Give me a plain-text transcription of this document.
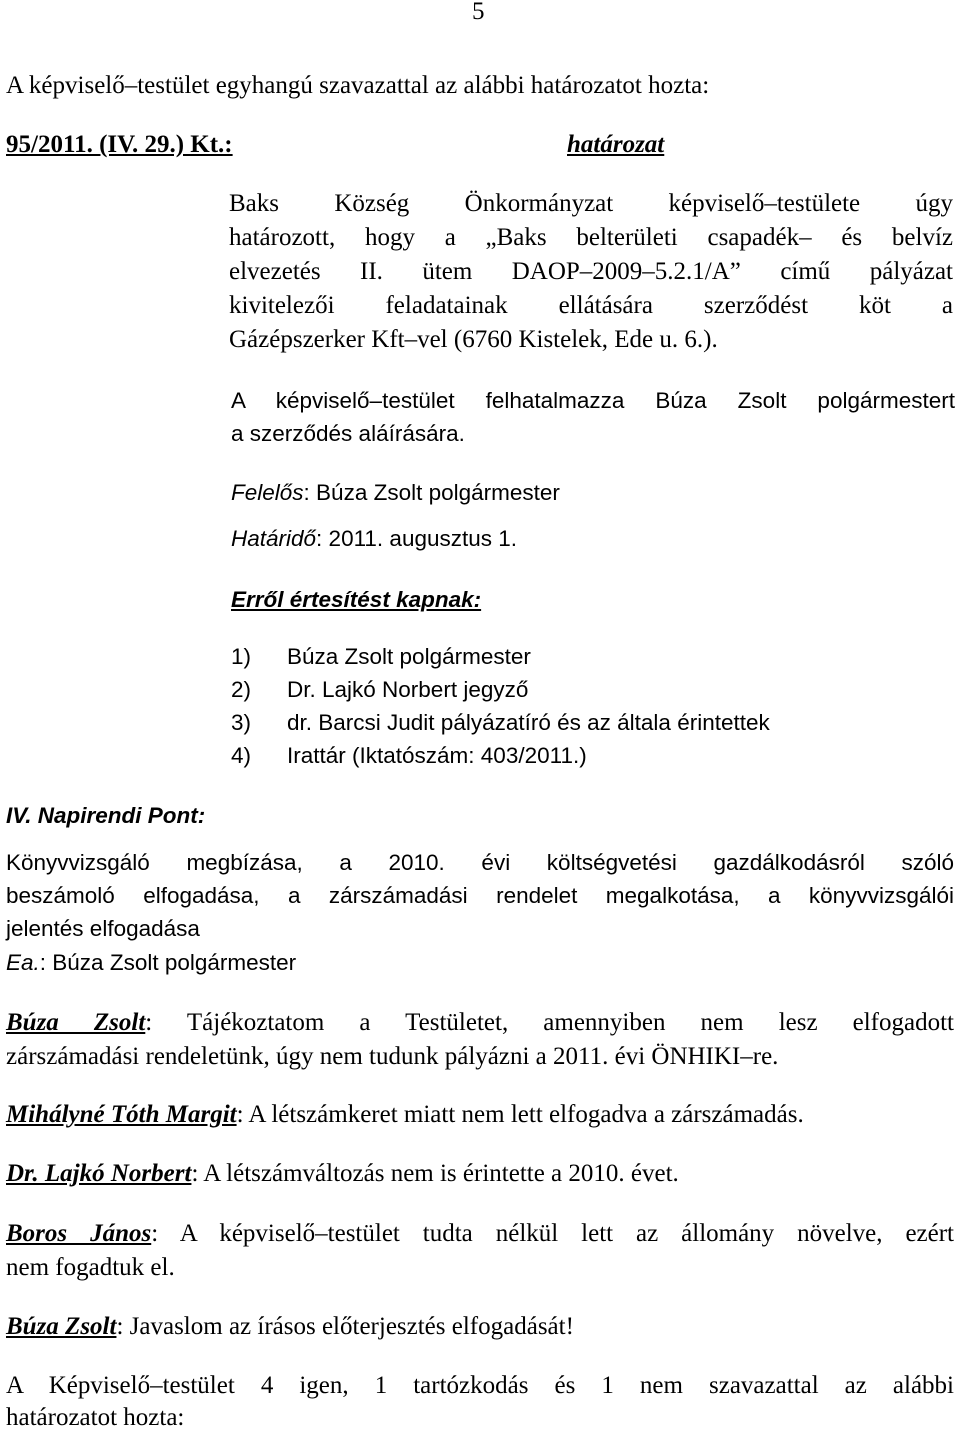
5
A képviselő–testület egyhangú szavazattal az alábbi határozatot hozta:
95/2011. (IV. 29.) Kt.:	határozat
Baks Község Önkormányzat képviselő–testülete úgy
határozott, hogy a „Baks belterületi csapadék– és belvíz
elvezetés II. ütem DAOP–2009–5.2.1/A” című pályázat
kivitelezői feladatainak ellátására szerződést köt a
Gázépszerker Kft–vel (6760 Kistelek, Ede u. 6.).
A képviselő–testület felhatalmazza Búza Zsolt polgármestert
a szerződés aláírására.
Felelős: Búza Zsolt polgármester
Határidő: 2011. augusztus 1.
Erről értesítést kapnak:
1) Búza Zsolt polgármester
2) Dr. Lajkó Norbert jegyző
3) dr. Barcsi Judit pályázatíró és az általa érintettek
4) Irattár (Iktatószám: 403/2011.)
IV. Napirendi Pont:
Könyvvizsgáló megbízása, a 2010. évi költségvetési gazdálkodásról szóló
beszámoló elfogadása, a zárszámadási rendelet megalkotása, a könyvvizsgálói
jelentés elfogadása
Ea.: Búza Zsolt polgármester
Búza Zsolt: Tájékoztatom a Testületet, amennyiben nem lesz elfogadott
zárszámadási rendeletünk, úgy nem tudunk pályázni a 2011. évi ÖNHIKI–re.
Mihályné Tóth Margit: A létszámkeret miatt nem lett elfogadva a zárszámadás.
Dr. Lajkó Norbert: A létszámváltozás nem is érintette a 2010. évet.
Boros János: A képviselő–testület tudta nélkül lett az állomány növelve, ezért
nem fogadtuk el.
Búza Zsolt: Javaslom az írásos előterjesztés elfogadását!
A Képviselő–testület 4 igen, 1 tartózkodás és 1 nem szavazattal az alábbi
határozatot hozta:
